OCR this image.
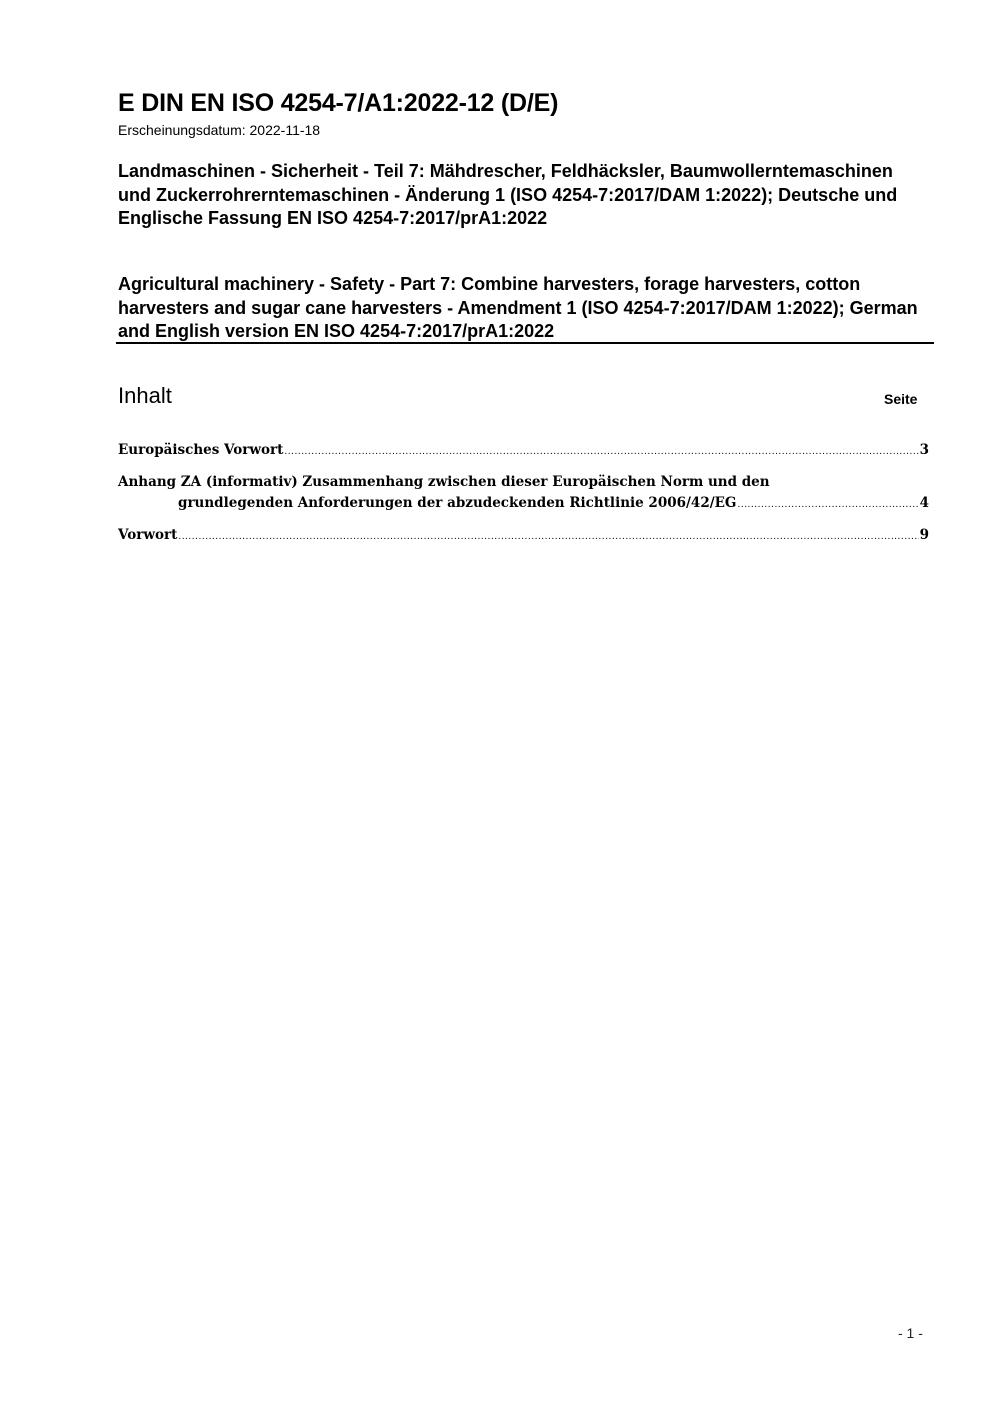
E DIN EN ISO 4254-7/A1:2022-12 (D/E)
Erscheinungsdatum: 2022-11-18
Landmaschinen - Sicherheit - Teil 7: Mähdrescher, Feldhäcksler, Baumwollerntemaschinen und Zuckerrohrerntemaschinen - Änderung 1 (ISO 4254-7:2017/DAM 1:2022); Deutsche und Englische Fassung EN ISO 4254-7:2017/prA1:2022
Agricultural machinery - Safety - Part 7: Combine harvesters, forage harvesters, cotton harvesters and sugar cane harvesters - Amendment 1 (ISO 4254-7:2017/DAM 1:2022); German and English version EN ISO 4254-7:2017/prA1:2022
Inhalt	Seite
Europäisches Vorwort .....	3
Anhang ZA (informativ) Zusammenhang zwischen dieser Europäischen Norm und den
grundlegenden Anforderungen der abzudeckenden Richtlinie 2006/42/EG .....	4
Vorwort .....	9
- 1 -
